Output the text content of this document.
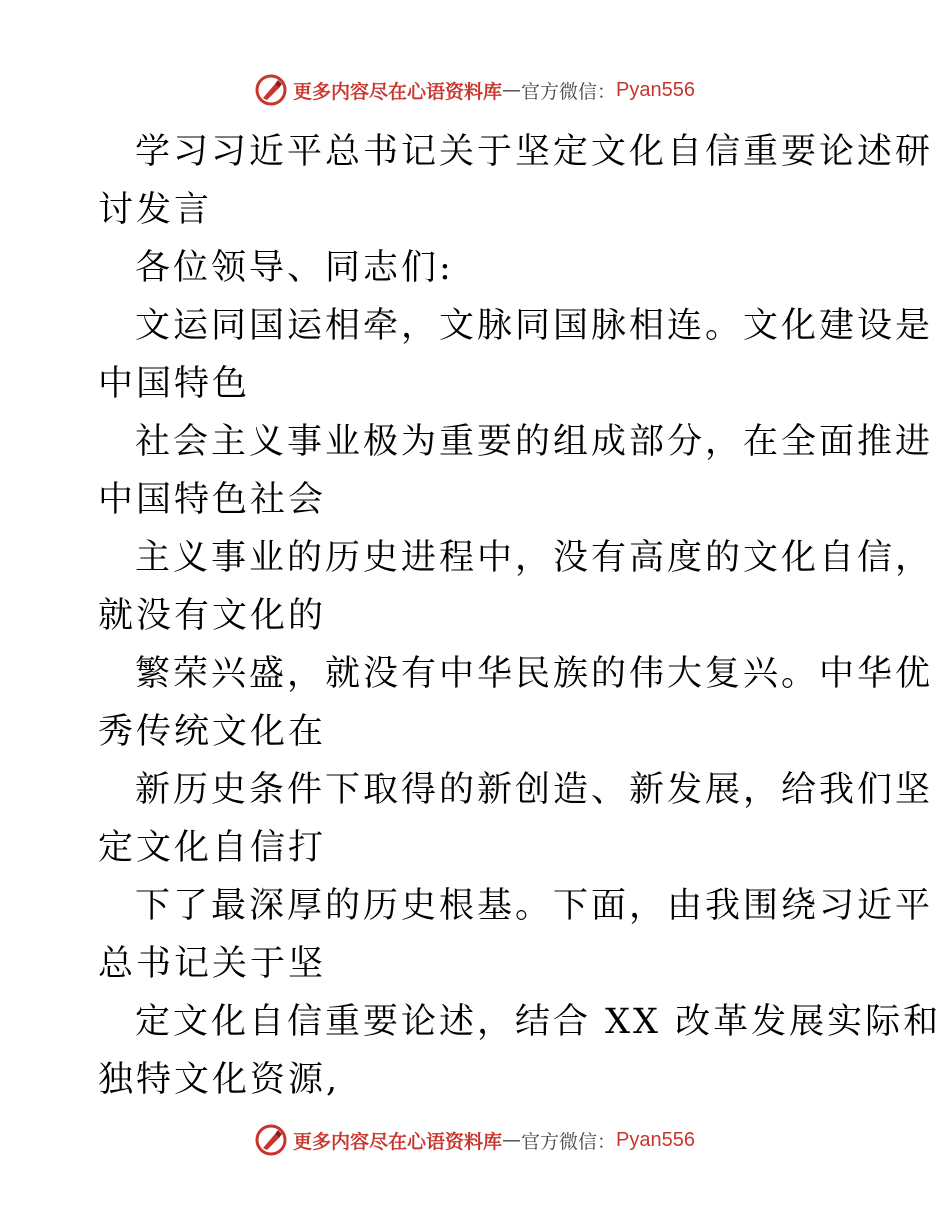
更多内容尽在心语资料库 — 官方微信： Pyan556
学习习近平总书记关于坚定文化自信重要论述研
讨发言
各位领导、同志们:
文运同国运相牵，文脉同国脉相连。文化建设是
中国特色
社会主义事业极为重要的组成部分，在全面推进
中国特色社会
主义事业的历史进程中，没有高度的文化自信，
就没有文化的
繁荣兴盛，就没有中华民族的伟大复兴。中华优
秀传统文化在
新历史条件下取得的新创造、新发展，给我们坚
定文化自信打
下了最深厚的历史根基。下面，由我围绕习近平
总书记关于坚
定文化自信重要论述，结合 XX 改革发展实际和
独特文化资源,
更多内容尽在心语资料库 — 官方微信： Pyan556
